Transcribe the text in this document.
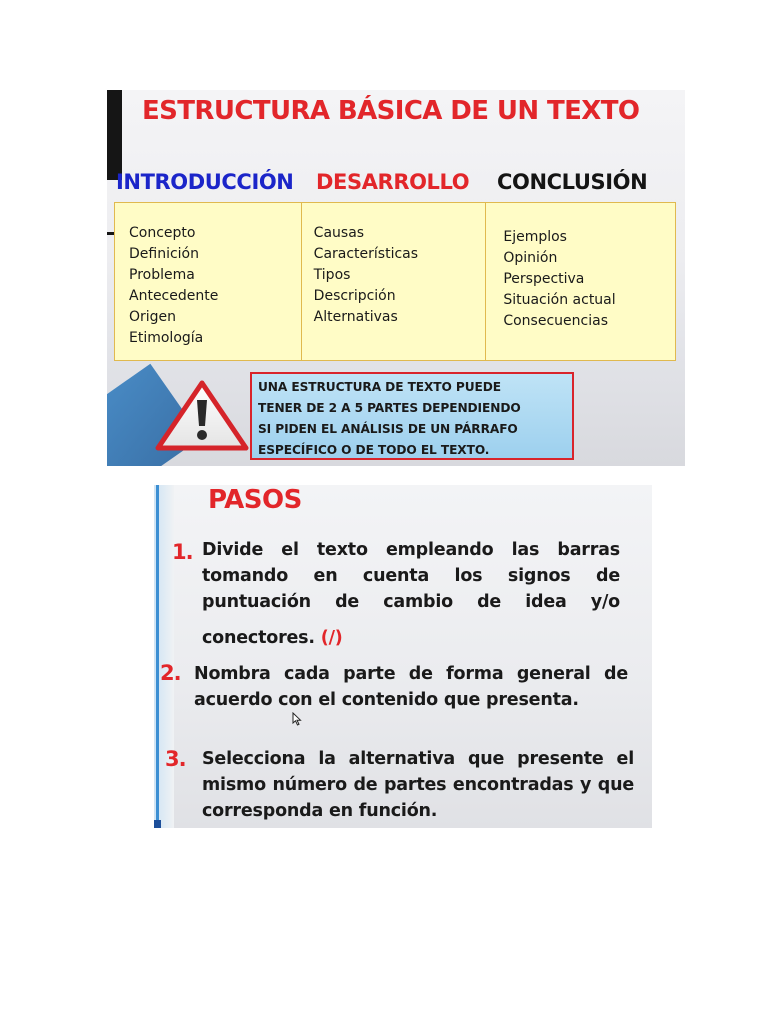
ESTRUCTURA BÁSICA DE UN TEXTO
INTRODUCCIÓN DESARROLLO CONCLUSIÓN
Concepto
Definición
Problema
Antecedente
Origen
Etimología
Causas
Características
Tipos
Descripción
Alternativas
Ejemplos
Opinión
Perspectiva
Situación actual
Consecuencias
UNA ESTRUCTURA DE TEXTO PUEDE
TENER DE 2 A 5 PARTES DEPENDIENDO
SI PIDEN EL ANÁLISIS DE UN PÁRRAFO
ESPECÍFICO O DE TODO EL TEXTO.
PASOS
1. Divide el texto empleando las barras
tomando en cuenta los signos de
puntuación de cambio de idea y/o
conectores. (/)
2. Nombra cada parte de forma general de
acuerdo con el contenido que presenta.
3. Selecciona la alternativa que presente el
mismo número de partes encontradas y que
corresponda en función.
